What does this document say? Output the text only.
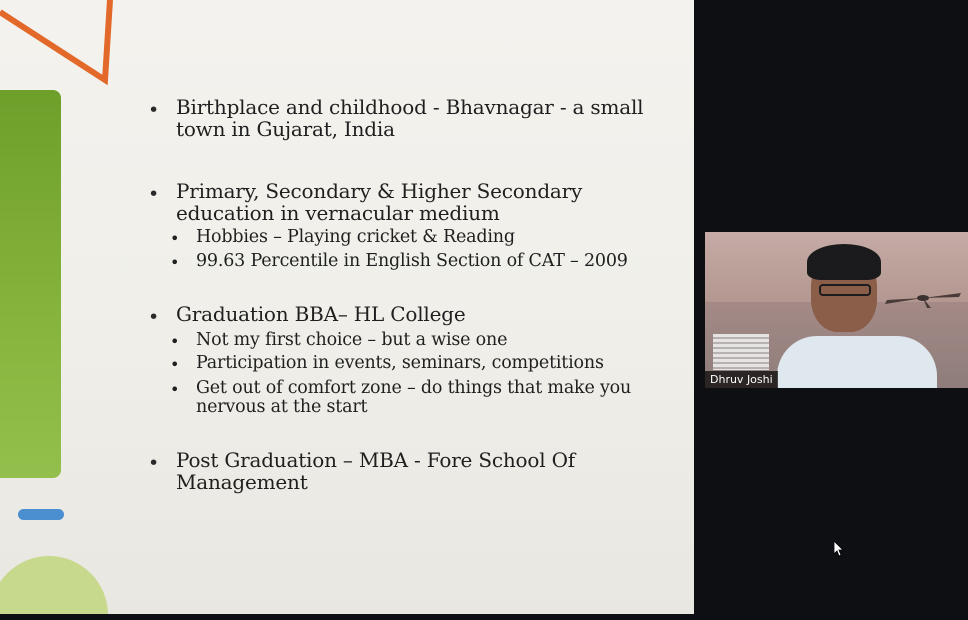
• Birthplace and childhood - Bhavnagar - a small town in Gujarat, India
• Primary, Secondary & Higher Secondary education in vernacular medium
• Hobbies – Playing cricket & Reading
• 99.63 Percentile in English Section of CAT – 2009
• Graduation BBA– HL College
• Not my first choice – but a wise one
• Participation in events, seminars, competitions
• Get out of comfort zone – do things that make you nervous at the start
• Post Graduation – MBA - Fore School Of Management
Dhruv Joshi
